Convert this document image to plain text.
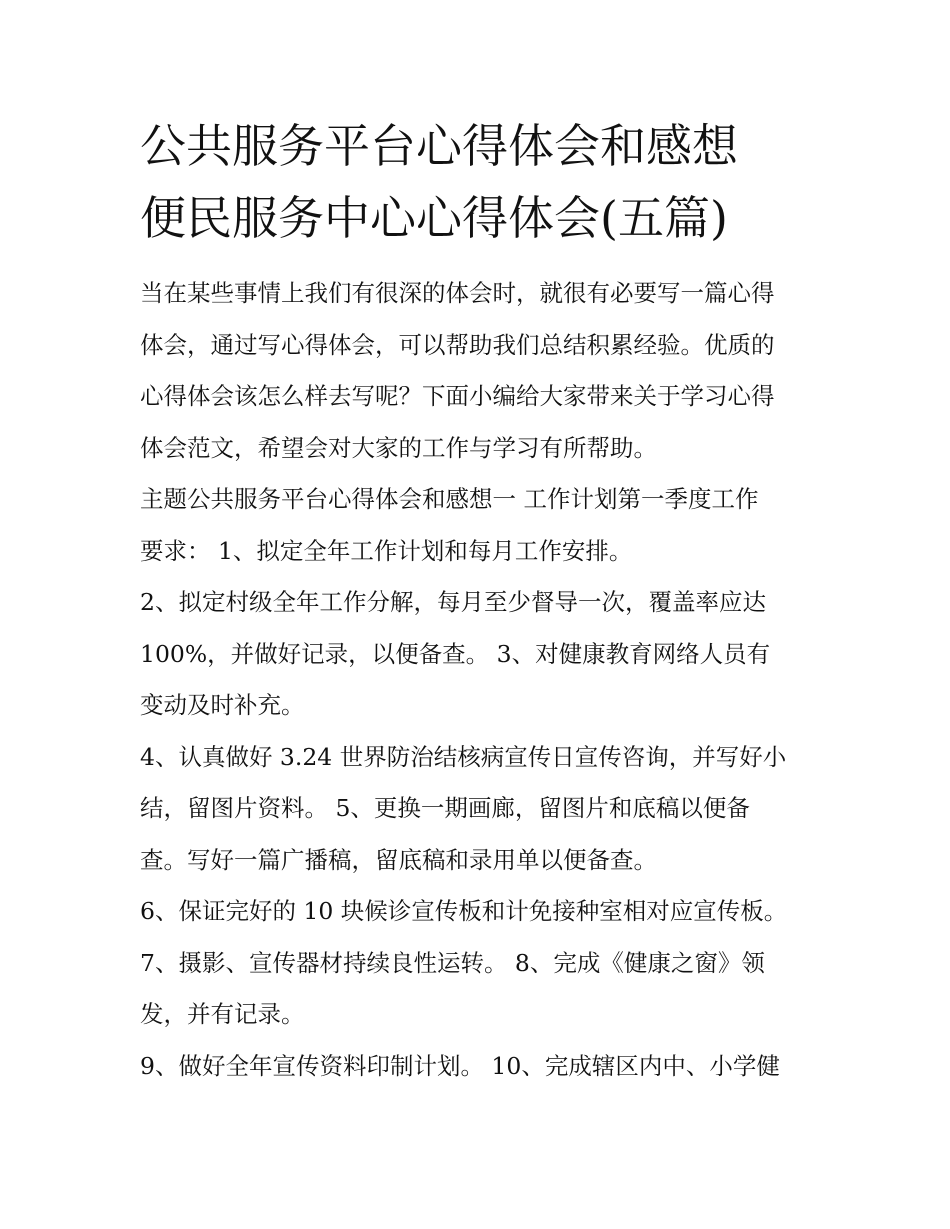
公共服务平台心得体会和感想
便民服务中心心得体会(五篇)

当在某些事情上我们有很深的体会时，就很有必要写一篇心得
体会，通过写心得体会，可以帮助我们总结积累经验。优质的
心得体会该怎么样去写呢？下面小编给大家带来关于学习心得
体会范文，希望会对大家的工作与学习有所帮助。

主题公共服务平台心得体会和感想一 工作计划第一季度工作
要求： 1、拟定全年工作计划和每月工作安排。

2、拟定村级全年工作分解，每月至少督导一次，覆盖率应达
100%，并做好记录，以便备查。 3、对健康教育网络人员有
变动及时补充。

4、认真做好 3.24 世界防治结核病宣传日宣传咨询，并写好小
结，留图片资料。 5、更换一期画廊，留图片和底稿以便备
查。写好一篇广播稿，留底稿和录用单以便备查。

6、保证完好的 10 块候诊宣传板和计免接种室相对应宣传板。

7、摄影、宣传器材持续良性运转。 8、完成《健康之窗》领
发，并有记录。

9、做好全年宣传资料印制计划。 10、完成辖区内中、小学健
